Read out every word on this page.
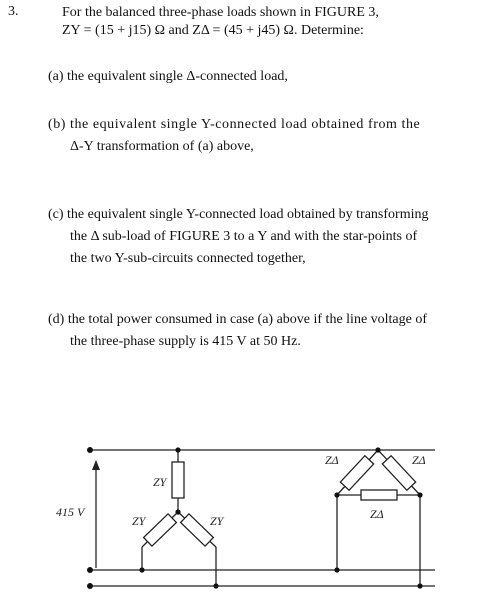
3.	For the balanced three-phase loads shown in FIGURE 3,
ZY = (15 + j15) Ω and ZΔ = (45 + j45) Ω. Determine:
(a) the equivalent single Δ-connected load,
(b) the equivalent single Y-connected load obtained from the
Δ-Y transformation of (a) above,
(c) the equivalent single Y-connected load obtained by transforming
the Δ sub-load of FIGURE 3 to a Y and with the star-points of
the two Y-sub-circuits connected together,
(d) the total power consumed in case (a) above if the line voltage of
the three-phase supply is 415 V at 50 Hz.
415 V
ZY
ZY	ZY
ZΔ	ZΔ
ZΔ
